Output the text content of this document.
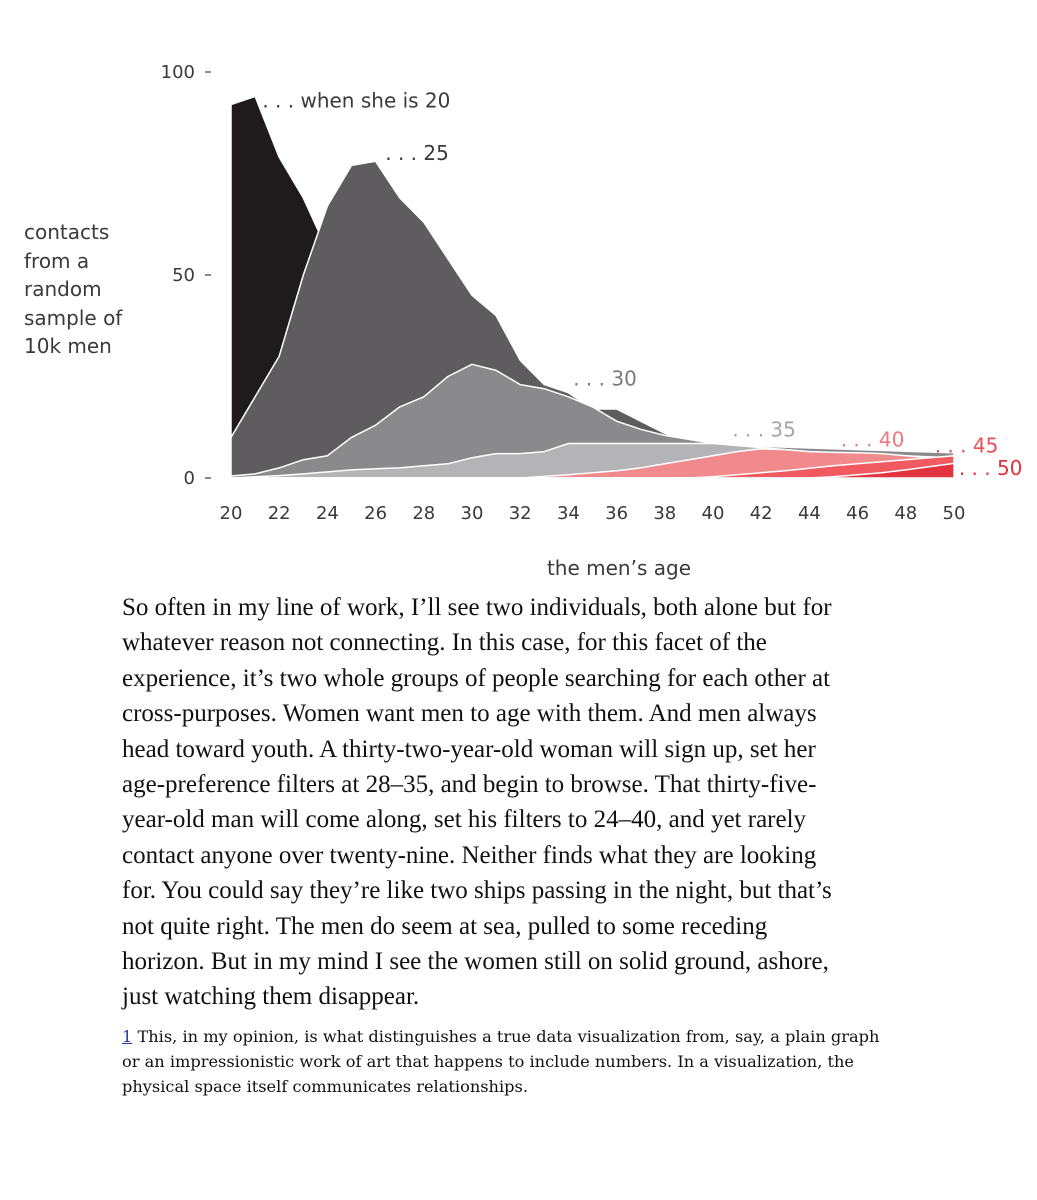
0
50
100
20 22 24 26 28 30 32 34 36 38 40 42 44 46 48 50
. . . when she is 20
. . . 25
. . . 30
. . . 35 . . . 40 . . . 45
. . . 50
the men’s age
contacts
from a
random
sample of
10k men
So often in my line of work, I’ll see two individuals, both alone but for
whatever reason not connecting. In this case, for this facet of the
experience, it’s two whole groups of people searching for each other at
cross-purposes. Women want men to age with them. And men always
head toward youth. A thirty-two-year-old woman will sign up, set her
age-preference filters at 28–35, and begin to browse. That thirty-five-
year-old man will come along, set his filters to 24–40, and yet rarely
contact anyone over twenty-nine. Neither finds what they are looking
for. You could say they’re like two ships passing in the night, but that’s
not quite right. The men do seem at sea, pulled to some receding
horizon. But in my mind I see the women still on solid ground, ashore,
just watching them disappear.
1 This, in my opinion, is what distinguishes a true data visualization from, say, a plain graph
or an impressionistic work of art that happens to include numbers. In a visualization, the
physical space itself communicates relationships.
